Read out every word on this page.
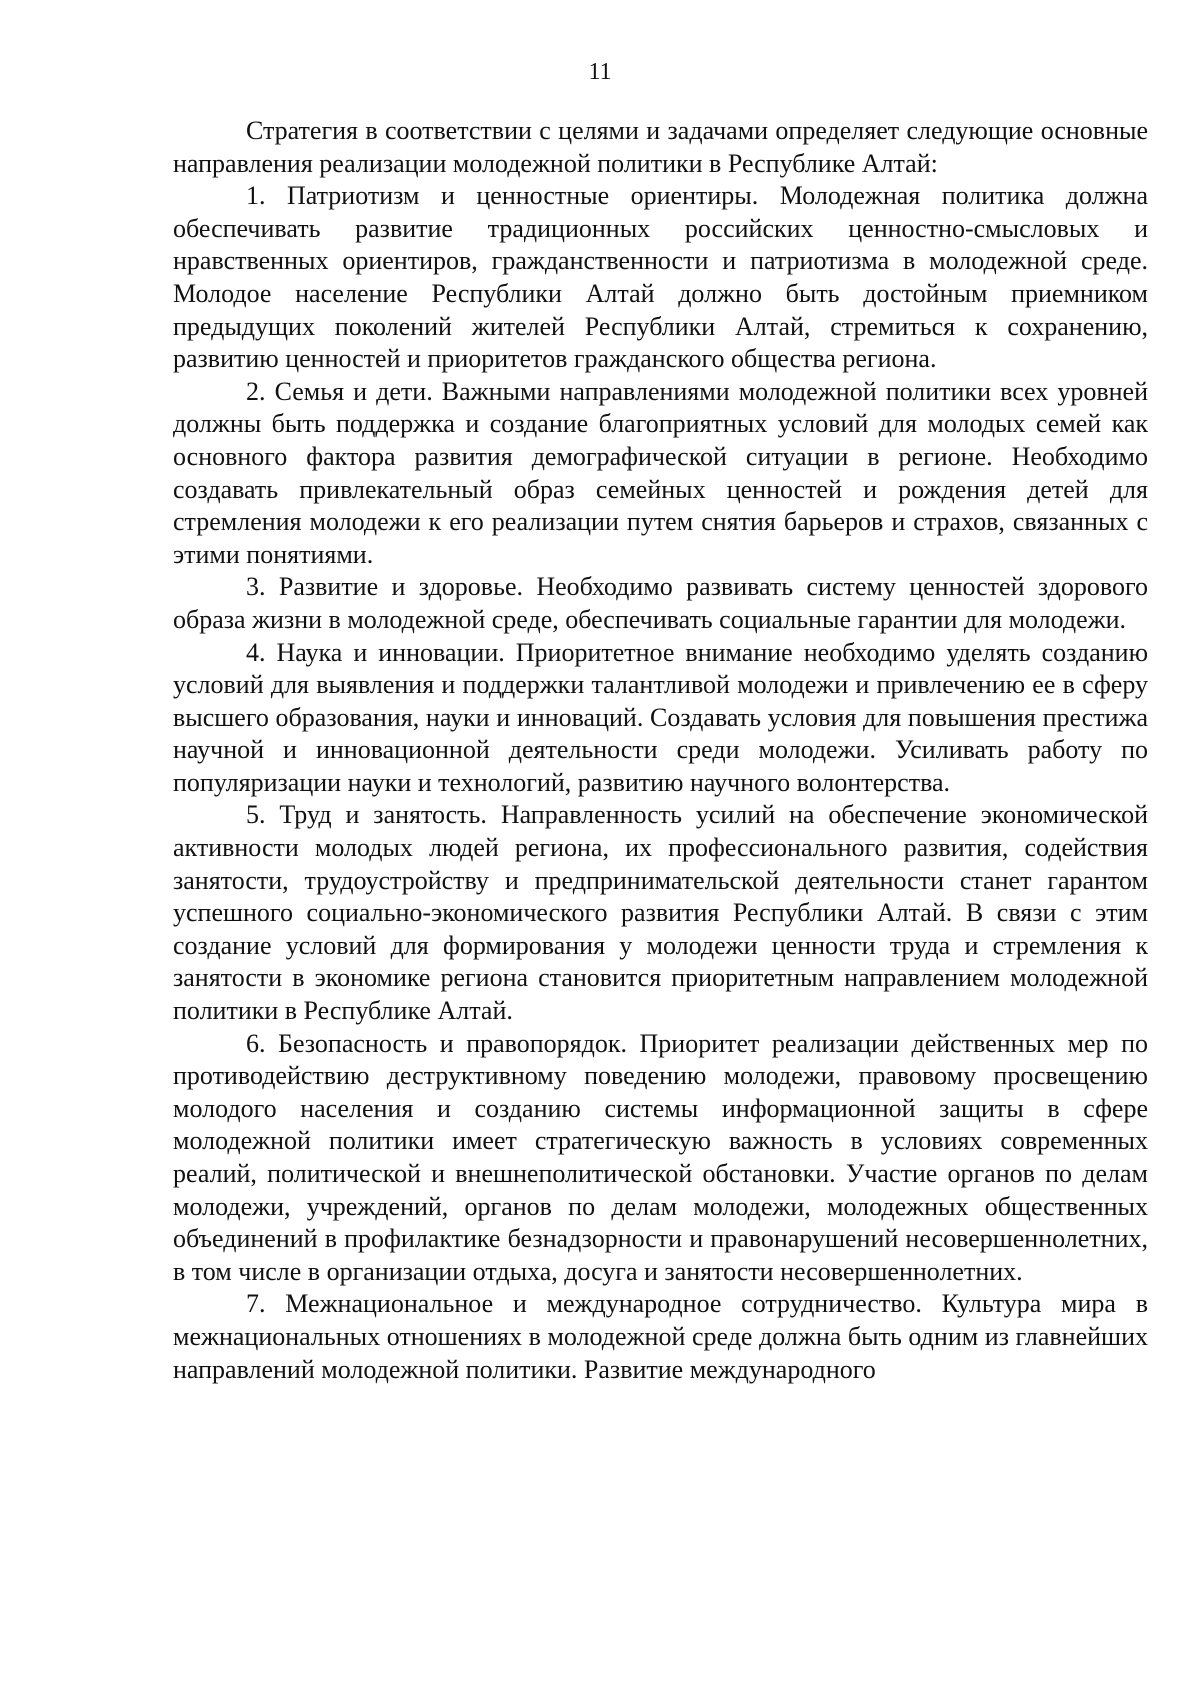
11

Стратегия в соответствии с целями и задачами определяет следующие основные направления реализации молодежной политики в Республике Алтай:

1. Патриотизм и ценностные ориентиры. Молодежная политика должна обеспечивать развитие традиционных российских ценностно-смысловых и нравственных ориентиров, гражданственности и патриотизма в молодежной среде. Молодое население Республики Алтай должно быть достойным приемником предыдущих поколений жителей Республики Алтай, стремиться к сохранению, развитию ценностей и приоритетов гражданского общества региона.

2. Семья и дети. Важными направлениями молодежной политики всех уровней должны быть поддержка и создание благоприятных условий для молодых семей как основного фактора развития демографической ситуации в регионе. Необходимо создавать привлекательный образ семейных ценностей и рождения детей для стремления молодежи к его реализации путем снятия барьеров и страхов, связанных с этими понятиями.

3. Развитие и здоровье. Необходимо развивать систему ценностей здорового образа жизни в молодежной среде, обеспечивать социальные гарантии для молодежи.

4. Наука и инновации. Приоритетное внимание необходимо уделять созданию условий для выявления и поддержки талантливой молодежи и привлечению ее в сферу высшего образования, науки и инноваций. Создавать условия для повышения престижа научной и инновационной деятельности среди молодежи. Усиливать работу по популяризации науки и технологий, развитию научного волонтерства.

5. Труд и занятость. Направленность усилий на обеспечение экономической активности молодых людей региона, их профессионального развития, содействия занятости, трудоустройству и предпринимательской деятельности станет гарантом успешного социально-экономического развития Республики Алтай. В связи с этим создание условий для формирования у молодежи ценности труда и стремления к занятости в экономике региона становится приоритетным направлением молодежной политики в Республике Алтай.

6. Безопасность и правопорядок. Приоритет реализации действенных мер по противодействию деструктивному поведению молодежи, правовому просвещению молодого населения и созданию системы информационной защиты в сфере молодежной политики имеет стратегическую важность в условиях современных реалий, политической и внешнеполитической обстановки. Участие органов по делам молодежи, учреждений, органов по делам молодежи, молодежных общественных объединений в профилактике безнадзорности и правонарушений несовершеннолетних, в том числе в организации отдыха, досуга и занятости несовершеннолетних.

7. Межнациональное и международное сотрудничество. Культура мира в межнациональных отношениях в молодежной среде должна быть одним из главнейших направлений молодежной политики. Развитие международного
